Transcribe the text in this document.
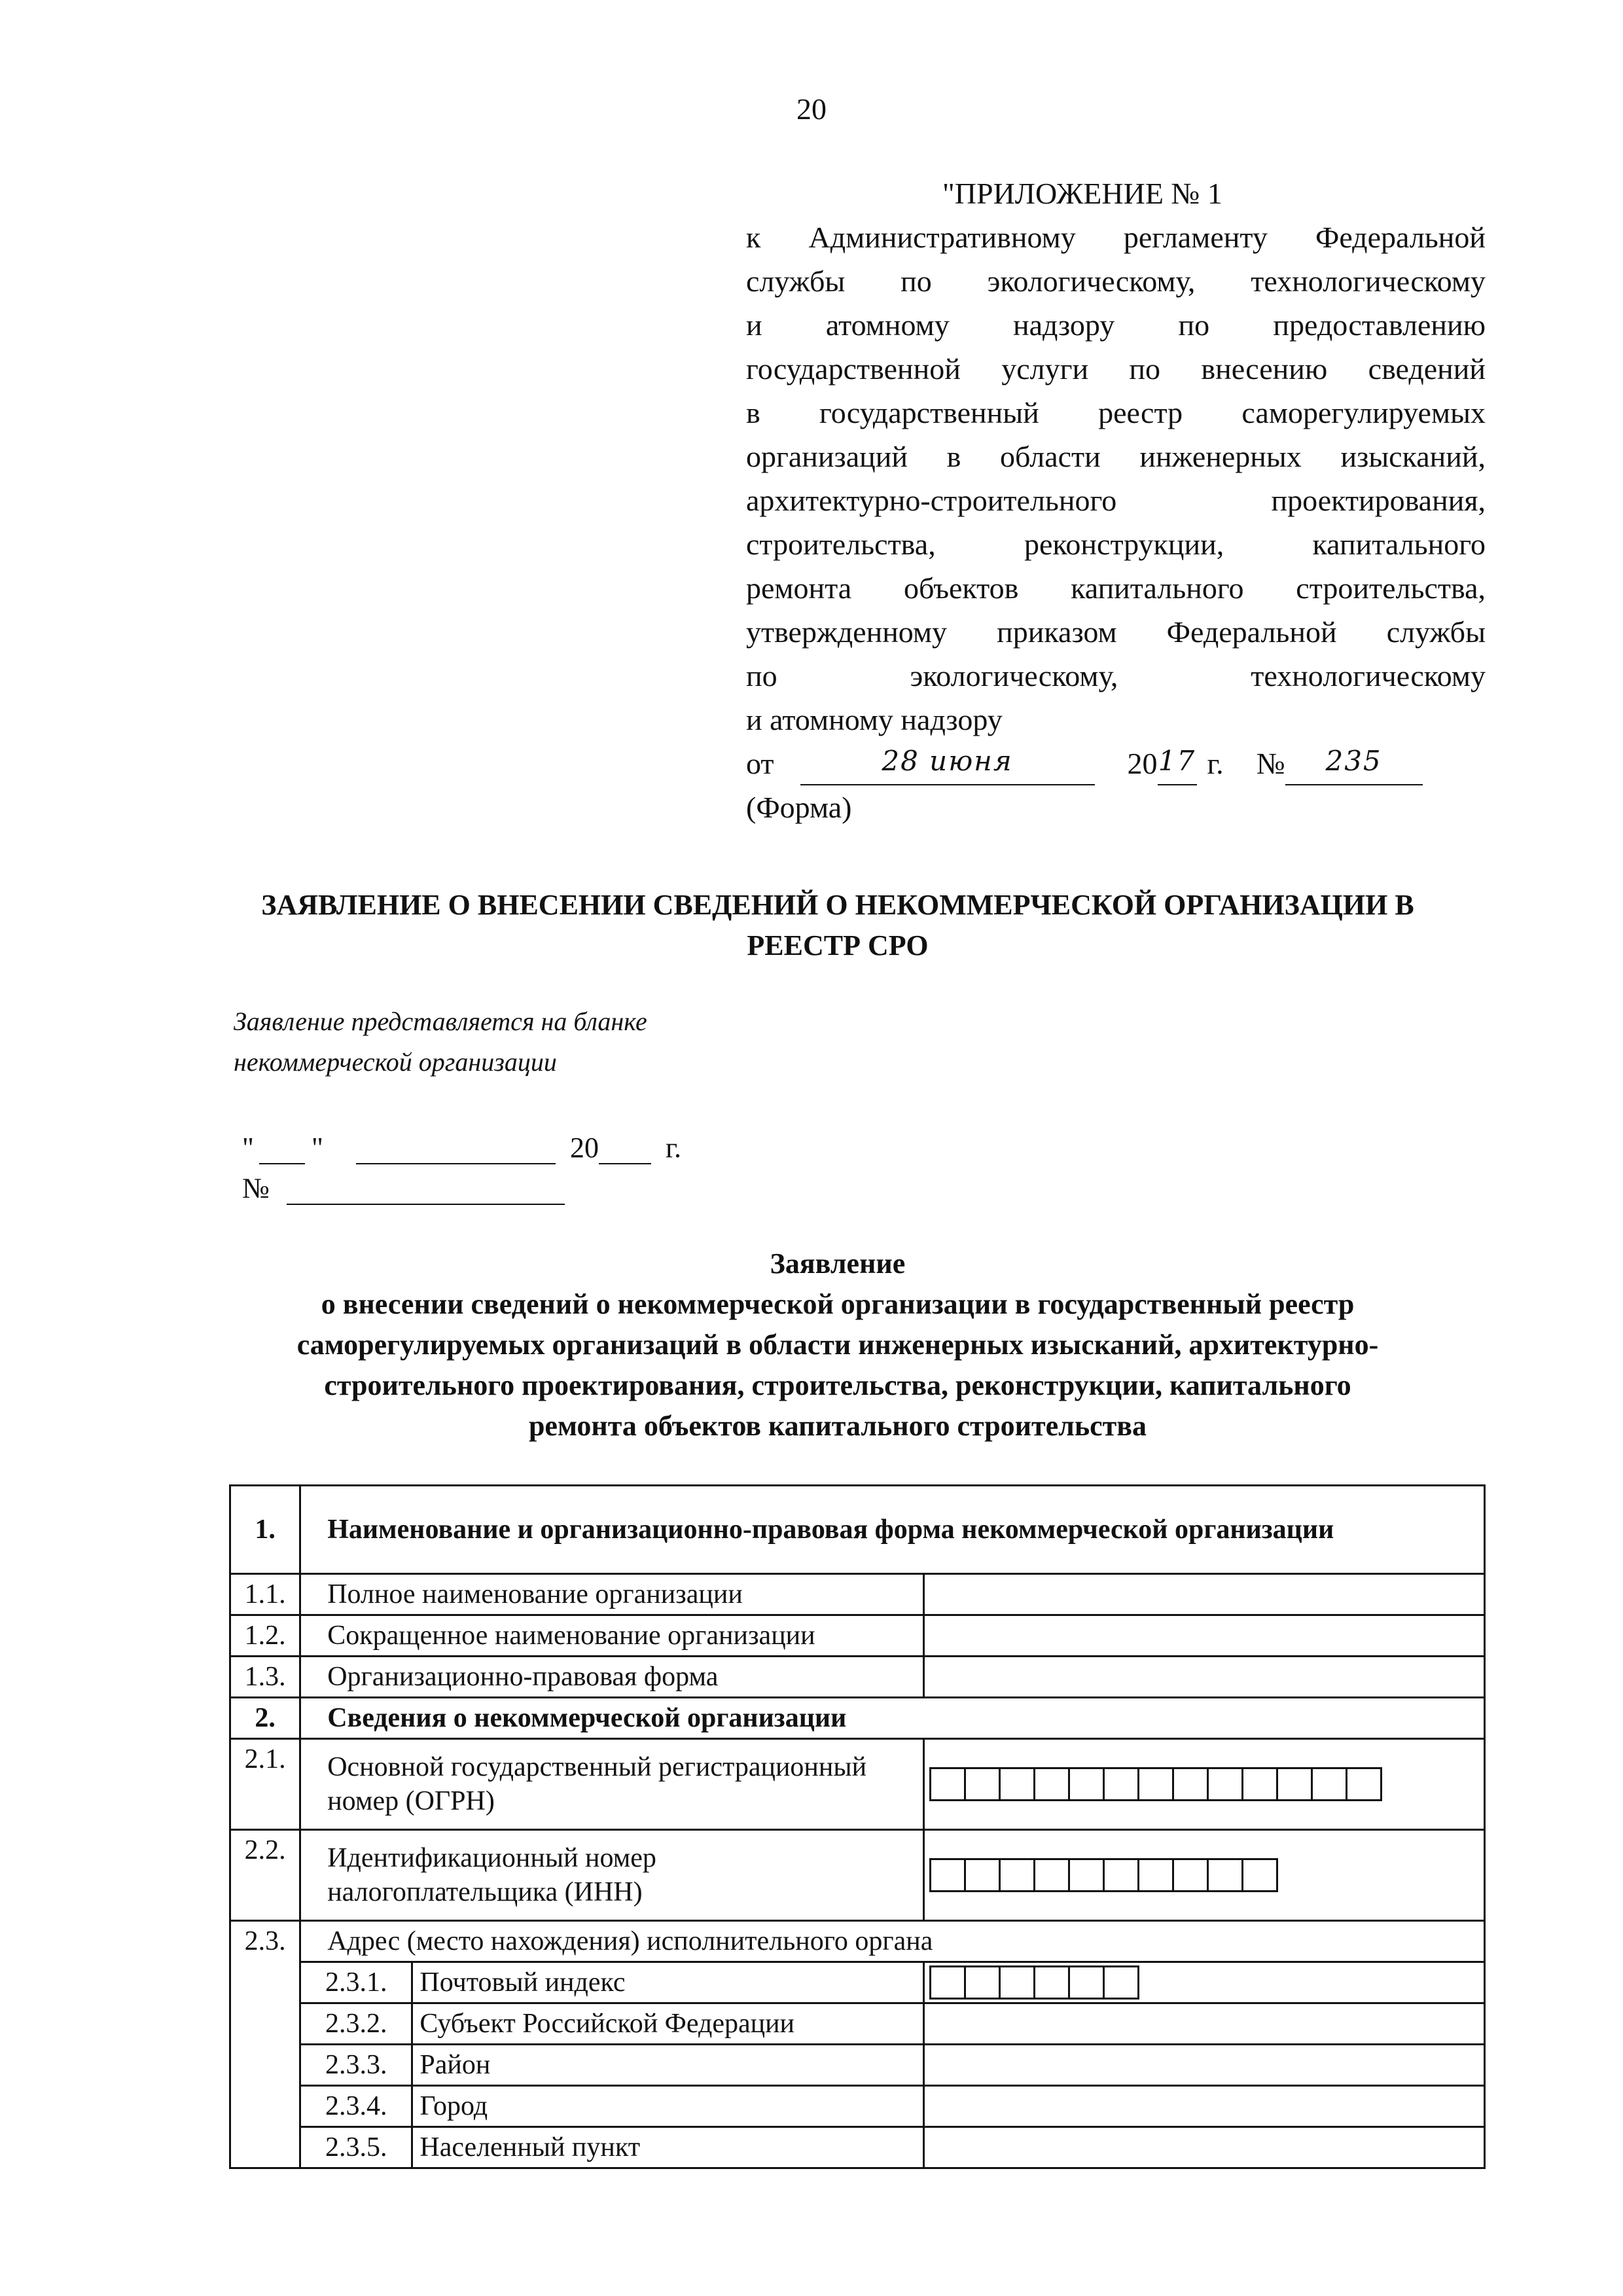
20
"ПРИЛОЖЕНИЕ № 1
к Административному регламенту Федеральной
службы по экологическому, технологическому
и атомному надзору по предоставлению
государственной услуги по внесению сведений
в государственный реестр саморегулируемых
организаций в области инженерных изысканий,
архитектурно-строительного проектирования,
строительства, реконструкции, капитального
ремонта объектов капитального строительства,
утвержденному приказом Федеральной службы
по экологическому, технологическому
и атомному надзору
от	28 июня	20 17 г. №	235
(Форма)
ЗАЯВЛЕНИЕ О ВНЕСЕНИИ СВЕДЕНИЙ О НЕКОММЕРЧЕСКОЙ ОРГАНИЗАЦИИ В
РЕЕСТР СРО
Заявление представляется на бланке
некоммерческой организации
" "	20 г.
№
Заявление
о внесении сведений о некоммерческой организации в государственный реестр
саморегулируемых организаций в области инженерных изысканий, архитектурно-
строительного проектирования, строительства, реконструкции, капитального
ремонта объектов капитального строительства
1.	Наименование и организационно-правовая форма некоммерческой организации		
1.1.	Полное наименование организации		
1.2.	Сокращенное наименование организации		
1.3.	Организационно-правовая форма		
2.	Сведения о некоммерческой организации		
2.1.	Основной государственный регистрационный
номер (ОГРН)		

2.2.	Идентификационный номер
налогоплательщика (ИНН)		

2.3.	Адрес (место нахождения) исполнительного органа		
	2.3.1.	Почтовый индекс	

	2.3.2.	Субъект Российской Федерации	
	2.3.3.	Район	
	2.3.4.	Город	
	2.3.5.	Населенный пункт	
